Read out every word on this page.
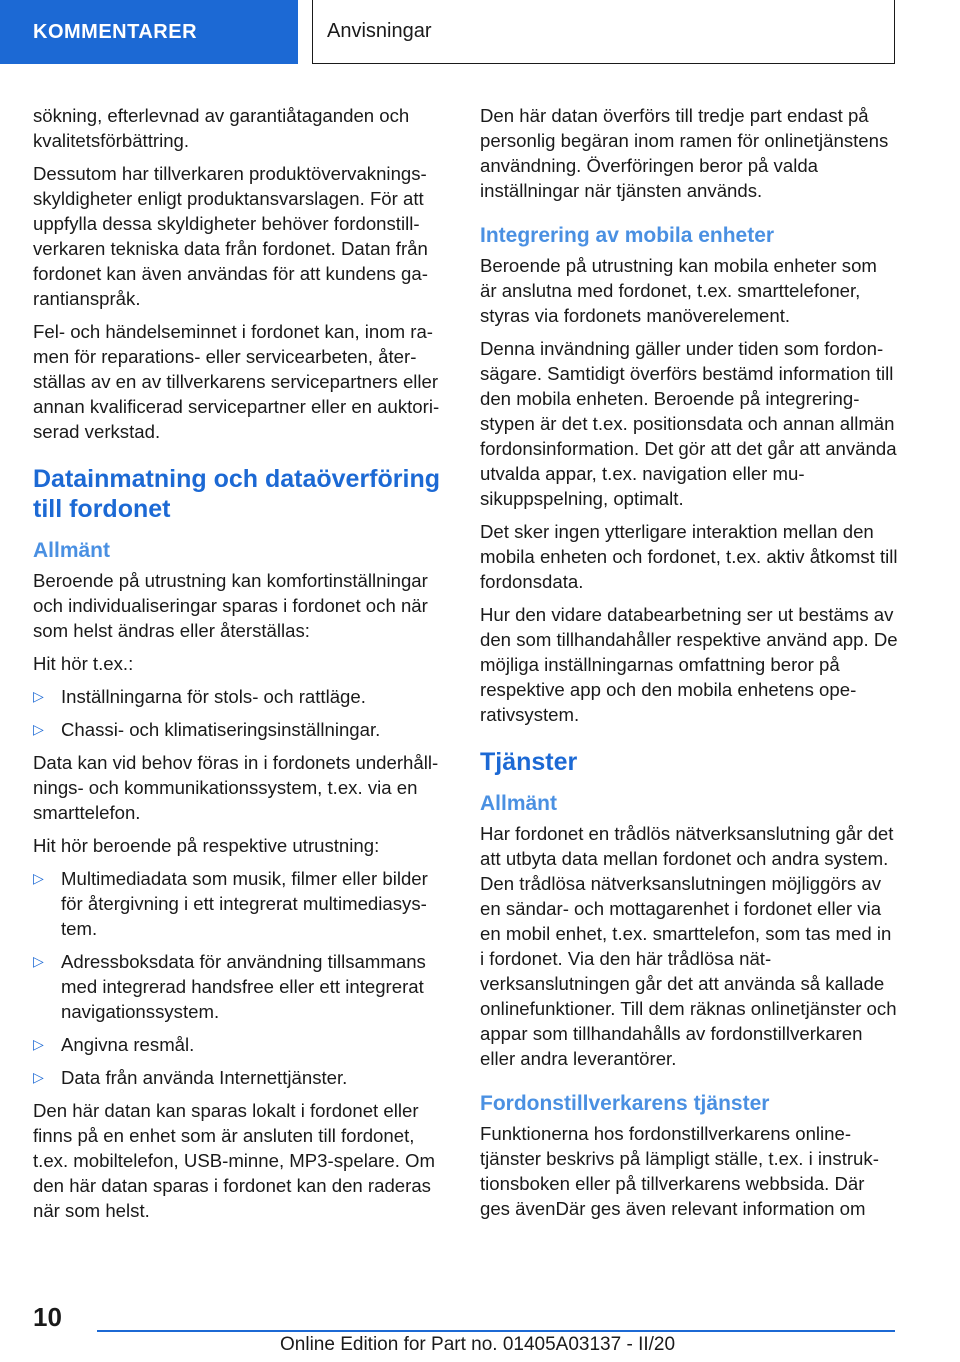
KOMMENTARER	Anvisningar

sökning, efterlevnad av garantiåtaganden och kvalitetsförbättring.

Dessutom har tillverkaren produktövervakningsskyldigheter enligt produktansvarslagen. För att uppfylla dessa skyldigheter behöver fordonstillverkaren tekniska data från fordonet. Datan från fordonet kan även användas för att kundens garantianspråk.

Fel- och händelseminnet i fordonet kan, inom ramen för reparations- eller servicearbeten, återställas av en av tillverkarens servicepartners eller annan kvalificerad servicepartner eller en auktoriserad verkstad.

Datainmatning och dataöverföring till fordonet
Allmänt

Beroende på utrustning kan komfortinställningar och individualiseringar sparas i fordonet och när som helst ändras eller återställas:

Hit hör t.ex.:

▷ Inställningarna för stols- och rattläge.
▷ Chassi- och klimatiseringsinställningar.

Data kan vid behov föras in i fordonets underhållnings- och kommunikationssystem, t.ex. via en smarttelefon.

Hit hör beroende på respektive utrustning:

▷ Multimediadata som musik, filmer eller bilder för återgivning i ett integrerat multimediasystem.
▷ Adressboksdata för användning tillsammans med integrerad handsfree eller ett integrerat navigationssystem.
▷ Angivna resmål.
▷ Data från använda Internettjänster.

Den här datan kan sparas lokalt i fordonet eller finns på en enhet som är ansluten till fordonet, t.ex. mobiltelefon, USB-minne, MP3-spelare. Om den här datan sparas i fordonet kan den raderas när som helst.

Den här datan överförs till tredje part endast på personlig begäran inom ramen för onlinetjänstens användning. Överföringen beror på valda inställningar när tjänsten används.

Integrering av mobila enheter

Beroende på utrustning kan mobila enheter som är anslutna med fordonet, t.ex. smarttelefoner, styras via fordonets manöverelement.

Denna invändning gäller under tiden som fordonsägare. Samtidigt överförs bestämd information till den mobila enheten. Beroende på integreringstypen är det t.ex. positionsdata och annan allmän fordonsinformation. Det gör att det går att använda utvalda appar, t.ex. navigation eller musikuppspelning, optimalt.

Det sker ingen ytterligare interaktion mellan den mobila enheten och fordonet, t.ex. aktiv åtkomst till fordonsdata.

Hur den vidare databearbetning ser ut bestäms av den som tillhandahåller respektive använd app. De möjliga inställningarnas omfattning beror på respektive app och den mobila enhetens operativsystem.

Tjänster
Allmänt

Har fordonet en trådlös nätverksanslutning går det att utbyta data mellan fordonet och andra system. Den trådlösa nätverksanslutningen möjliggörs av en sändar- och mottagarenhet i fordonet eller via en mobil enhet, t.ex. smarttelefon, som tas med in i fordonet. Via den här trådlösa nätverksanslutningen går det att använda så kallade onlinefunktioner. Till dem räknas onlinetjänster och appar som tillhandahålls av fordonstillverkaren eller andra leverantörer.

Fordonstillverkarens tjänster

Funktionerna hos fordonstillverkarens onlinetjänster beskrivs på lämpligt ställe, t.ex. i instruktionsboken eller på tillverkarens webbsida. Där ges ävenDär ges även relevant information om

10
Online Edition for Part no. 01405A03137 - II/20
